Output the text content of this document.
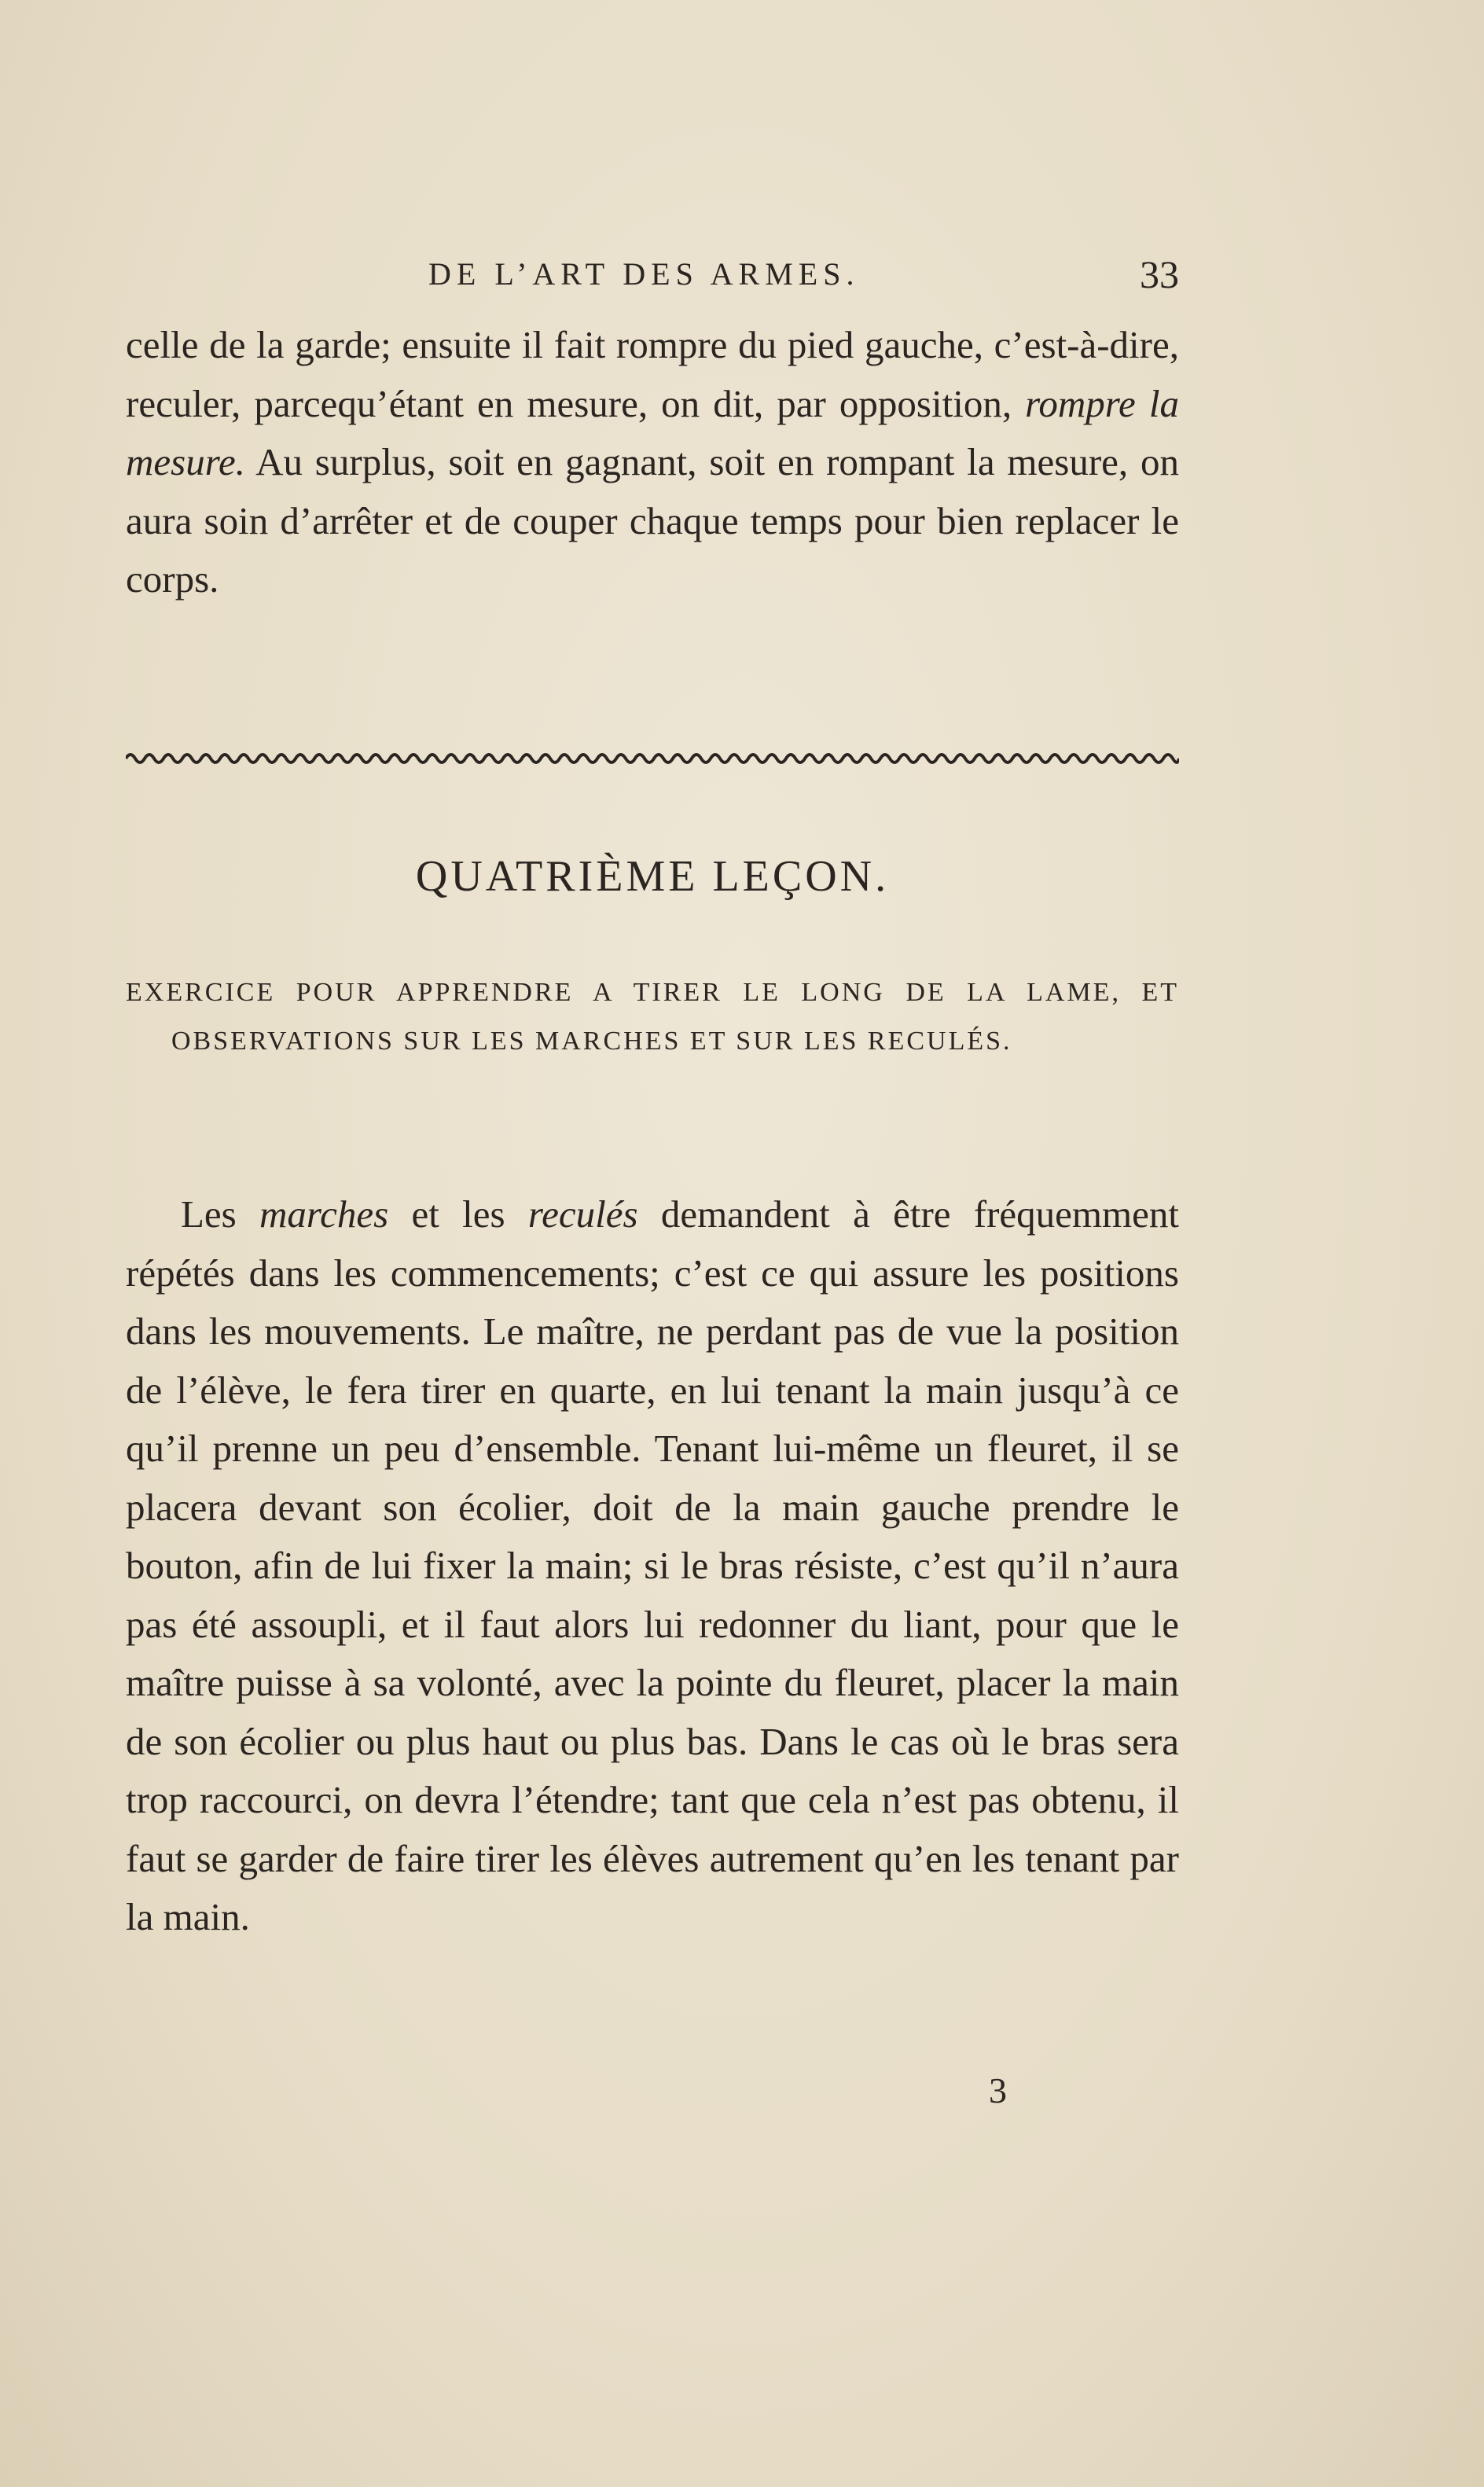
DE L’ART DES ARMES.	33

celle de la garde; ensuite il fait rompre du pied gauche, c’est-à-dire, reculer, parcequ’étant en mesure, on dit, par opposition, rompre la mesure. Au surplus, soit en gagnant, soit en rompant la mesure, on aura soin d’arrêter et de couper chaque temps pour bien replacer le corps.

QUATRIÈME LEÇON.

EXERCICE POUR APPRENDRE A TIRER LE LONG DE LA LAME, ET OBSERVATIONS SUR LES MARCHES ET SUR LES RECULÉS.

Les marches et les reculés demandent à être fréquemment répétés dans les commencements; c’est ce qui assure les positions dans les mouvements. Le maître, ne perdant pas de vue la position de l’élève, le fera tirer en quarte, en lui tenant la main jusqu’à ce qu’il prenne un peu d’ensemble. Tenant lui-même un fleuret, il se placera devant son écolier, doit de la main gauche prendre le bouton, afin de lui fixer la main; si le bras résiste, c’est qu’il n’aura pas été assoupli, et il faut alors lui redonner du liant, pour que le maître puisse à sa volonté, avec la pointe du fleuret, placer la main de son écolier ou plus haut ou plus bas. Dans le cas où le bras sera trop raccourci, on devra l’étendre; tant que cela n’est pas obtenu, il faut se garder de faire tirer les élèves autrement qu’en les tenant par la main.

3
